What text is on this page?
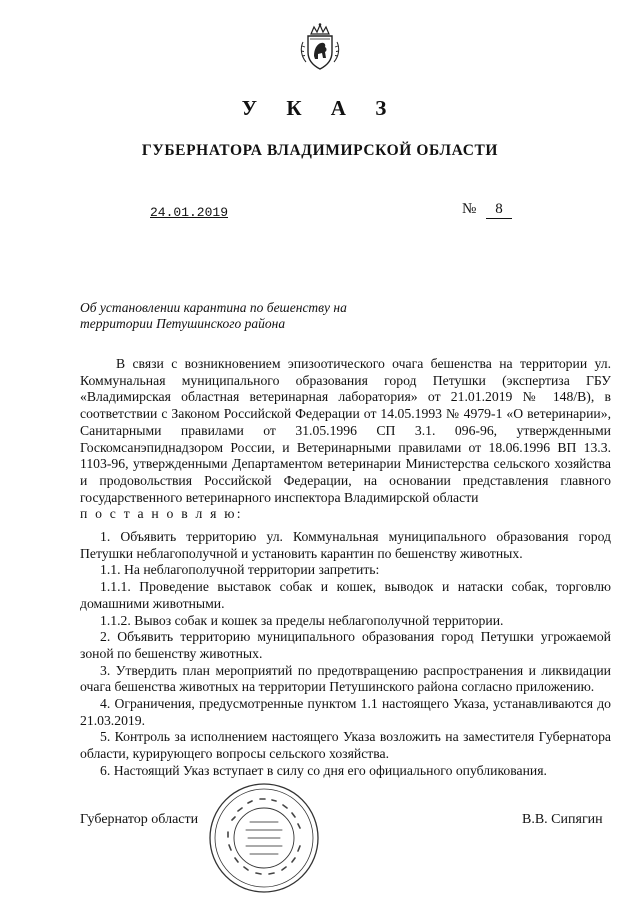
У К А З
ГУБЕРНАТОРА ВЛАДИМИРСКОЙ ОБЛАСТИ
24.01.2019	№	8
Об установлении карантина по бешенству на
территории Петушинского района

В связи с возникновением эпизоотического очага бешенства на территории ул. Коммунальная муниципального образования город Петушки (экспертиза ГБУ «Владимирская областная ветеринарная лаборатория» от 21.01.2019 № 148/В), в соответствии с Законом Российской Федерации от 14.05.1993 № 4979-1 «О ветеринарии», Санитарными правилами от 31.05.1996 СП 3.1. 096-96, утвержденными Госкомсанэпиднадзором России, и Ветеринарными правилами от 18.06.1996 ВП 13.3. 1103-96, утвержденными Департаментом ветеринарии Министерства сельского хозяйства и продовольствия Российской Федерации, на основании представления главного государственного ветеринарного инспектора Владимирской области

п о с т а н о в л я ю:

1. Объявить территорию ул. Коммунальная муниципального образования город Петушки неблагополучной и установить карантин по бешенству животных.

1.1. На неблагополучной территории запретить:

1.1.1. Проведение выставок собак и кошек, выводок и натаски собак, торговлю домашними животными.

1.1.2. Вывоз собак и кошек за пределы неблагополучной территории.

2. Объявить территорию муниципального образования город Петушки угрожаемой зоной по бешенству животных.

3. Утвердить план мероприятий по предотвращению распространения и ликвидации очага бешенства животных на территории Петушинского района согласно приложению.

4. Ограничения, предусмотренные пунктом 1.1 настоящего Указа, устанавливаются до 21.03.2019.

5. Контроль за исполнением настоящего Указа возложить на заместителя Губернатора области, курирующего вопросы сельского хозяйства.

6. Настоящий Указ вступает в силу со дня его официального опубликования.

Губернатор области	В.В. Сипягин
